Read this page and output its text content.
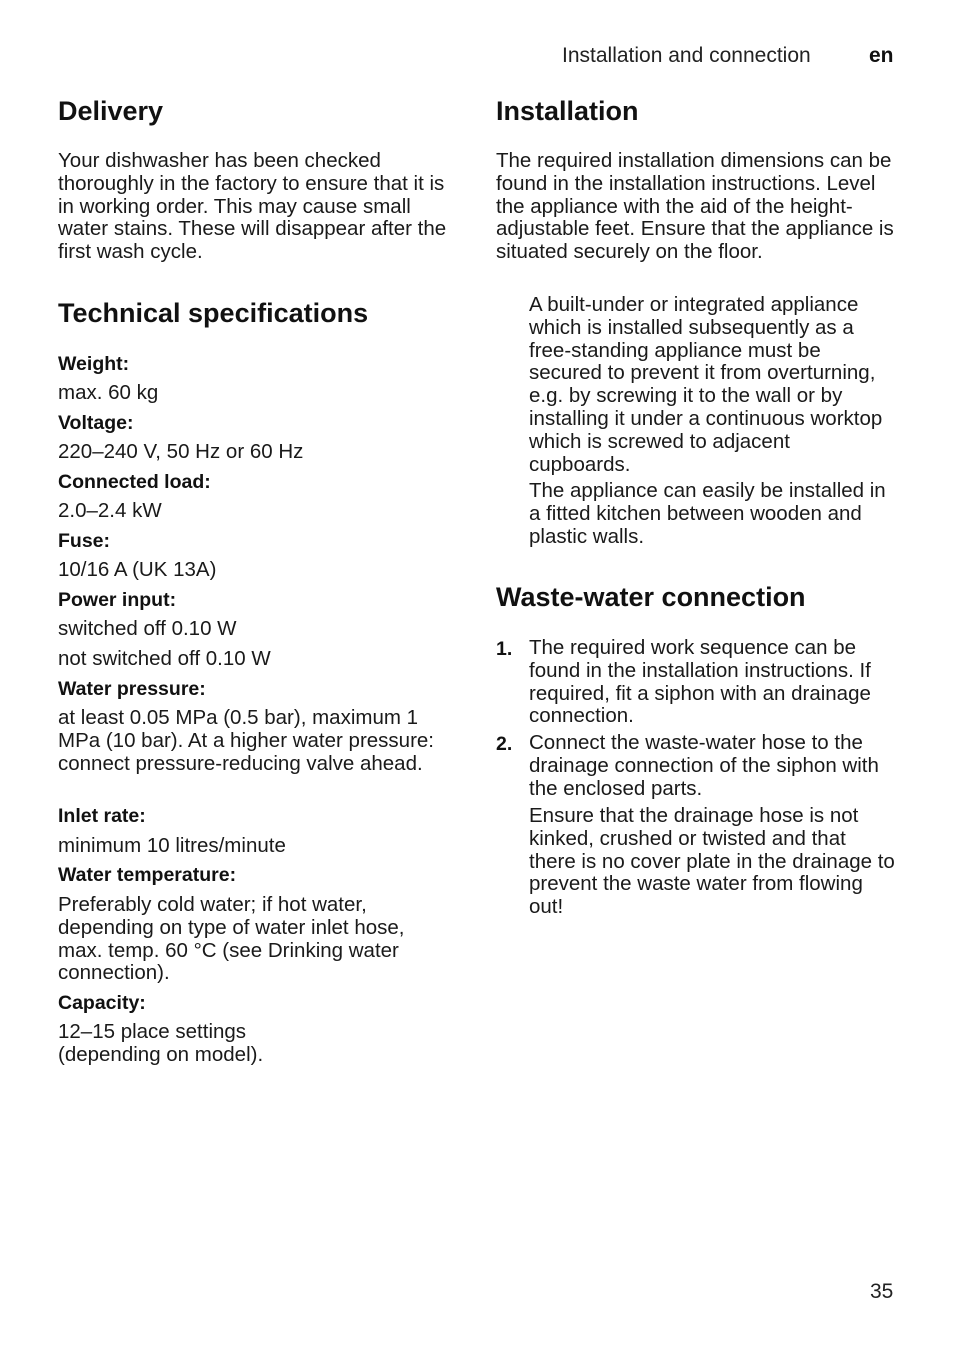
Installation and connection	en
Delivery

Your dishwasher has been checked thoroughly in the factory to ensure that it is in working order. This may cause small water stains. These will disappear after the first wash cycle.

Technical specifications
Weight:
max. 60 kg
Voltage:
220–240 V, 50 Hz or 60 Hz
Connected load:
2.0–2.4 kW
Fuse:
10/16 A (UK 13A)
Power input:
switched off 0.10 W
not switched off 0.10 W
Water pressure:
at least 0.05 MPa (0.5 bar), maximum 1 MPa (10 bar). At a higher water pressure: connect pressure-reducing valve ahead.
Inlet rate:
minimum 10 litres/minute
Water temperature:
Preferably cold water; if hot water, depending on type of water inlet hose, max. temp. 60 °C (see Drinking water connection).
Capacity:
12–15 place settings (depending on model).
Installation

The required installation dimensions can be found in the installation instructions. Level the appliance with the aid of the height-adjustable feet. Ensure that the appliance is situated securely on the floor.

A built-under or integrated appliance which is installed subsequently as a free-standing appliance must be secured to prevent it from overturning, e.g. by screwing it to the wall or by installing it under a continuous worktop which is screwed to adjacent cupboards.

The appliance can easily be installed in a fitted kitchen between wooden and plastic walls.

Waste-water connection
1. The required work sequence can be found in the installation instructions. If required, fit a siphon with an drainage connection.

2. Connect the waste-water hose to the drainage connection of the siphon with the enclosed parts.

Ensure that the drainage hose is not kinked, crushed or twisted and that there is no cover plate in the drainage to prevent the waste water from flowing out!

35
